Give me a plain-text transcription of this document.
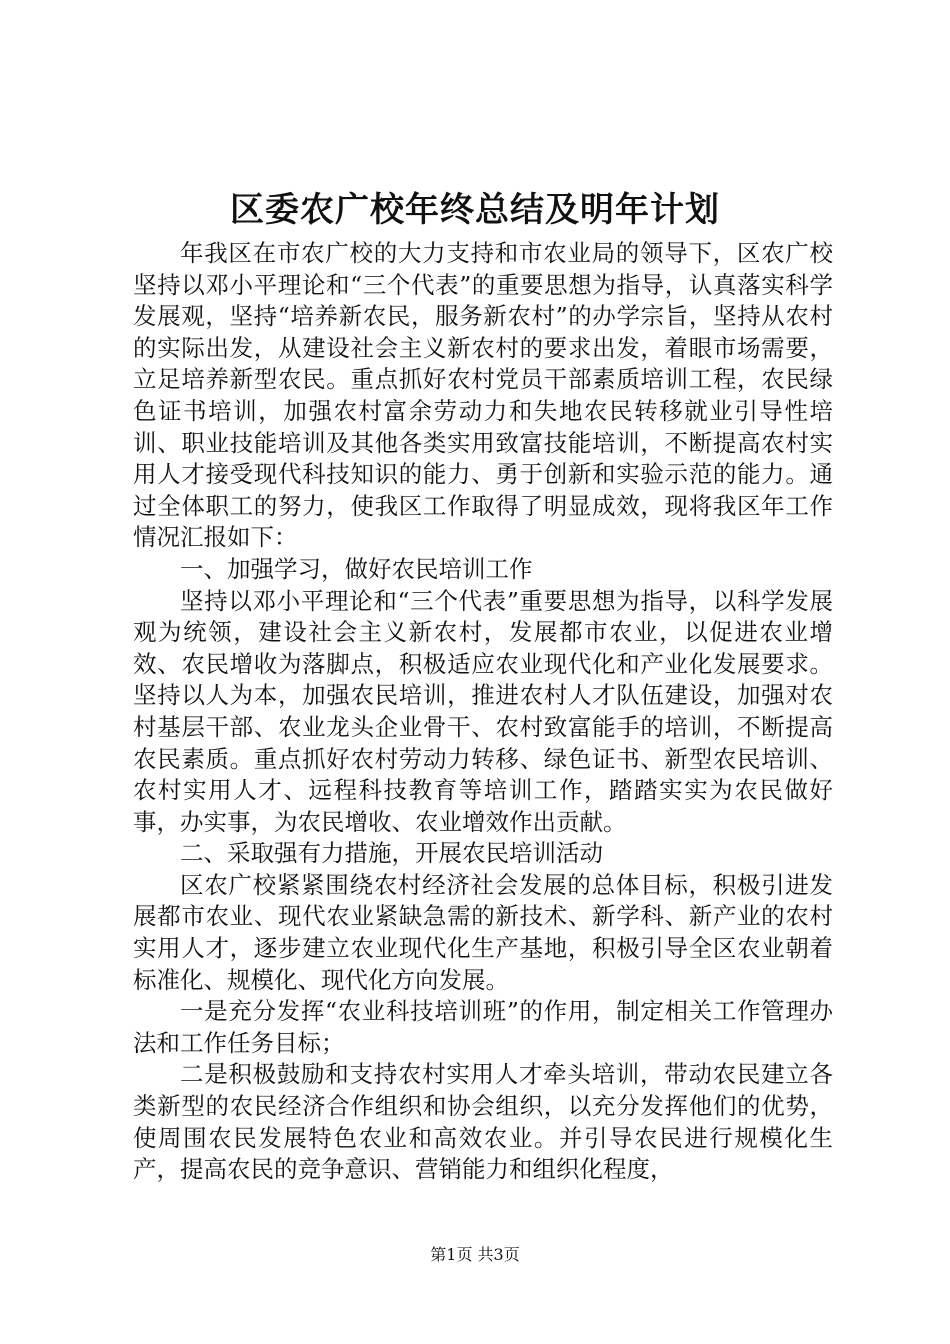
区委农广校年终总结及明年计划

年我区在市农广校的大力支持和市农业局的领导下，区农广校坚持以邓小平理论和“三个代表”的重要思想为指导，认真落实科学发展观，坚持“培养新农民，服务新农村”的办学宗旨，坚持从农村的实际出发，从建设社会主义新农村的要求出发，着眼市场需要，立足培养新型农民。重点抓好农村党员干部素质培训工程，农民绿色证书培训，加强农村富余劳动力和失地农民转移就业引导性培训、职业技能培训及其他各类实用致富技能培训，不断提高农村实用人才接受现代科技知识的能力、勇于创新和实验示范的能力。通过全体职工的努力，使我区工作取得了明显成效，现将我区年工作情况汇报如下：

一、加强学习，做好农民培训工作

坚持以邓小平理论和“三个代表”重要思想为指导，以科学发展观为统领，建设社会主义新农村，发展都市农业，以促进农业增效、农民增收为落脚点，积极适应农业现代化和产业化发展要求。坚持以人为本，加强农民培训，推进农村人才队伍建设，加强对农村基层干部、农业龙头企业骨干、农村致富能手的培训，不断提高农民素质。重点抓好农村劳动力转移、绿色证书、新型农民培训、农村实用人才、远程科技教育等培训工作，踏踏实实为农民做好事，办实事，为农民增收、农业增效作出贡献。

二、采取强有力措施，开展农民培训活动

区农广校紧紧围绕农村经济社会发展的总体目标，积极引进发展都市农业、现代农业紧缺急需的新技术、新学科、新产业的农村实用人才，逐步建立农业现代化生产基地，积极引导全区农业朝着标准化、规模化、现代化方向发展。

一是充分发挥“农业科技培训班”的作用，制定相关工作管理办法和工作任务目标；

二是积极鼓励和支持农村实用人才牵头培训，带动农民建立各类新型的农民经济合作组织和协会组织，以充分发挥他们的优势，使周围农民发展特色农业和高效农业。并引导农民进行规模化生产，提高农民的竞争意识、营销能力和组织化程度，

第1页 共3页
